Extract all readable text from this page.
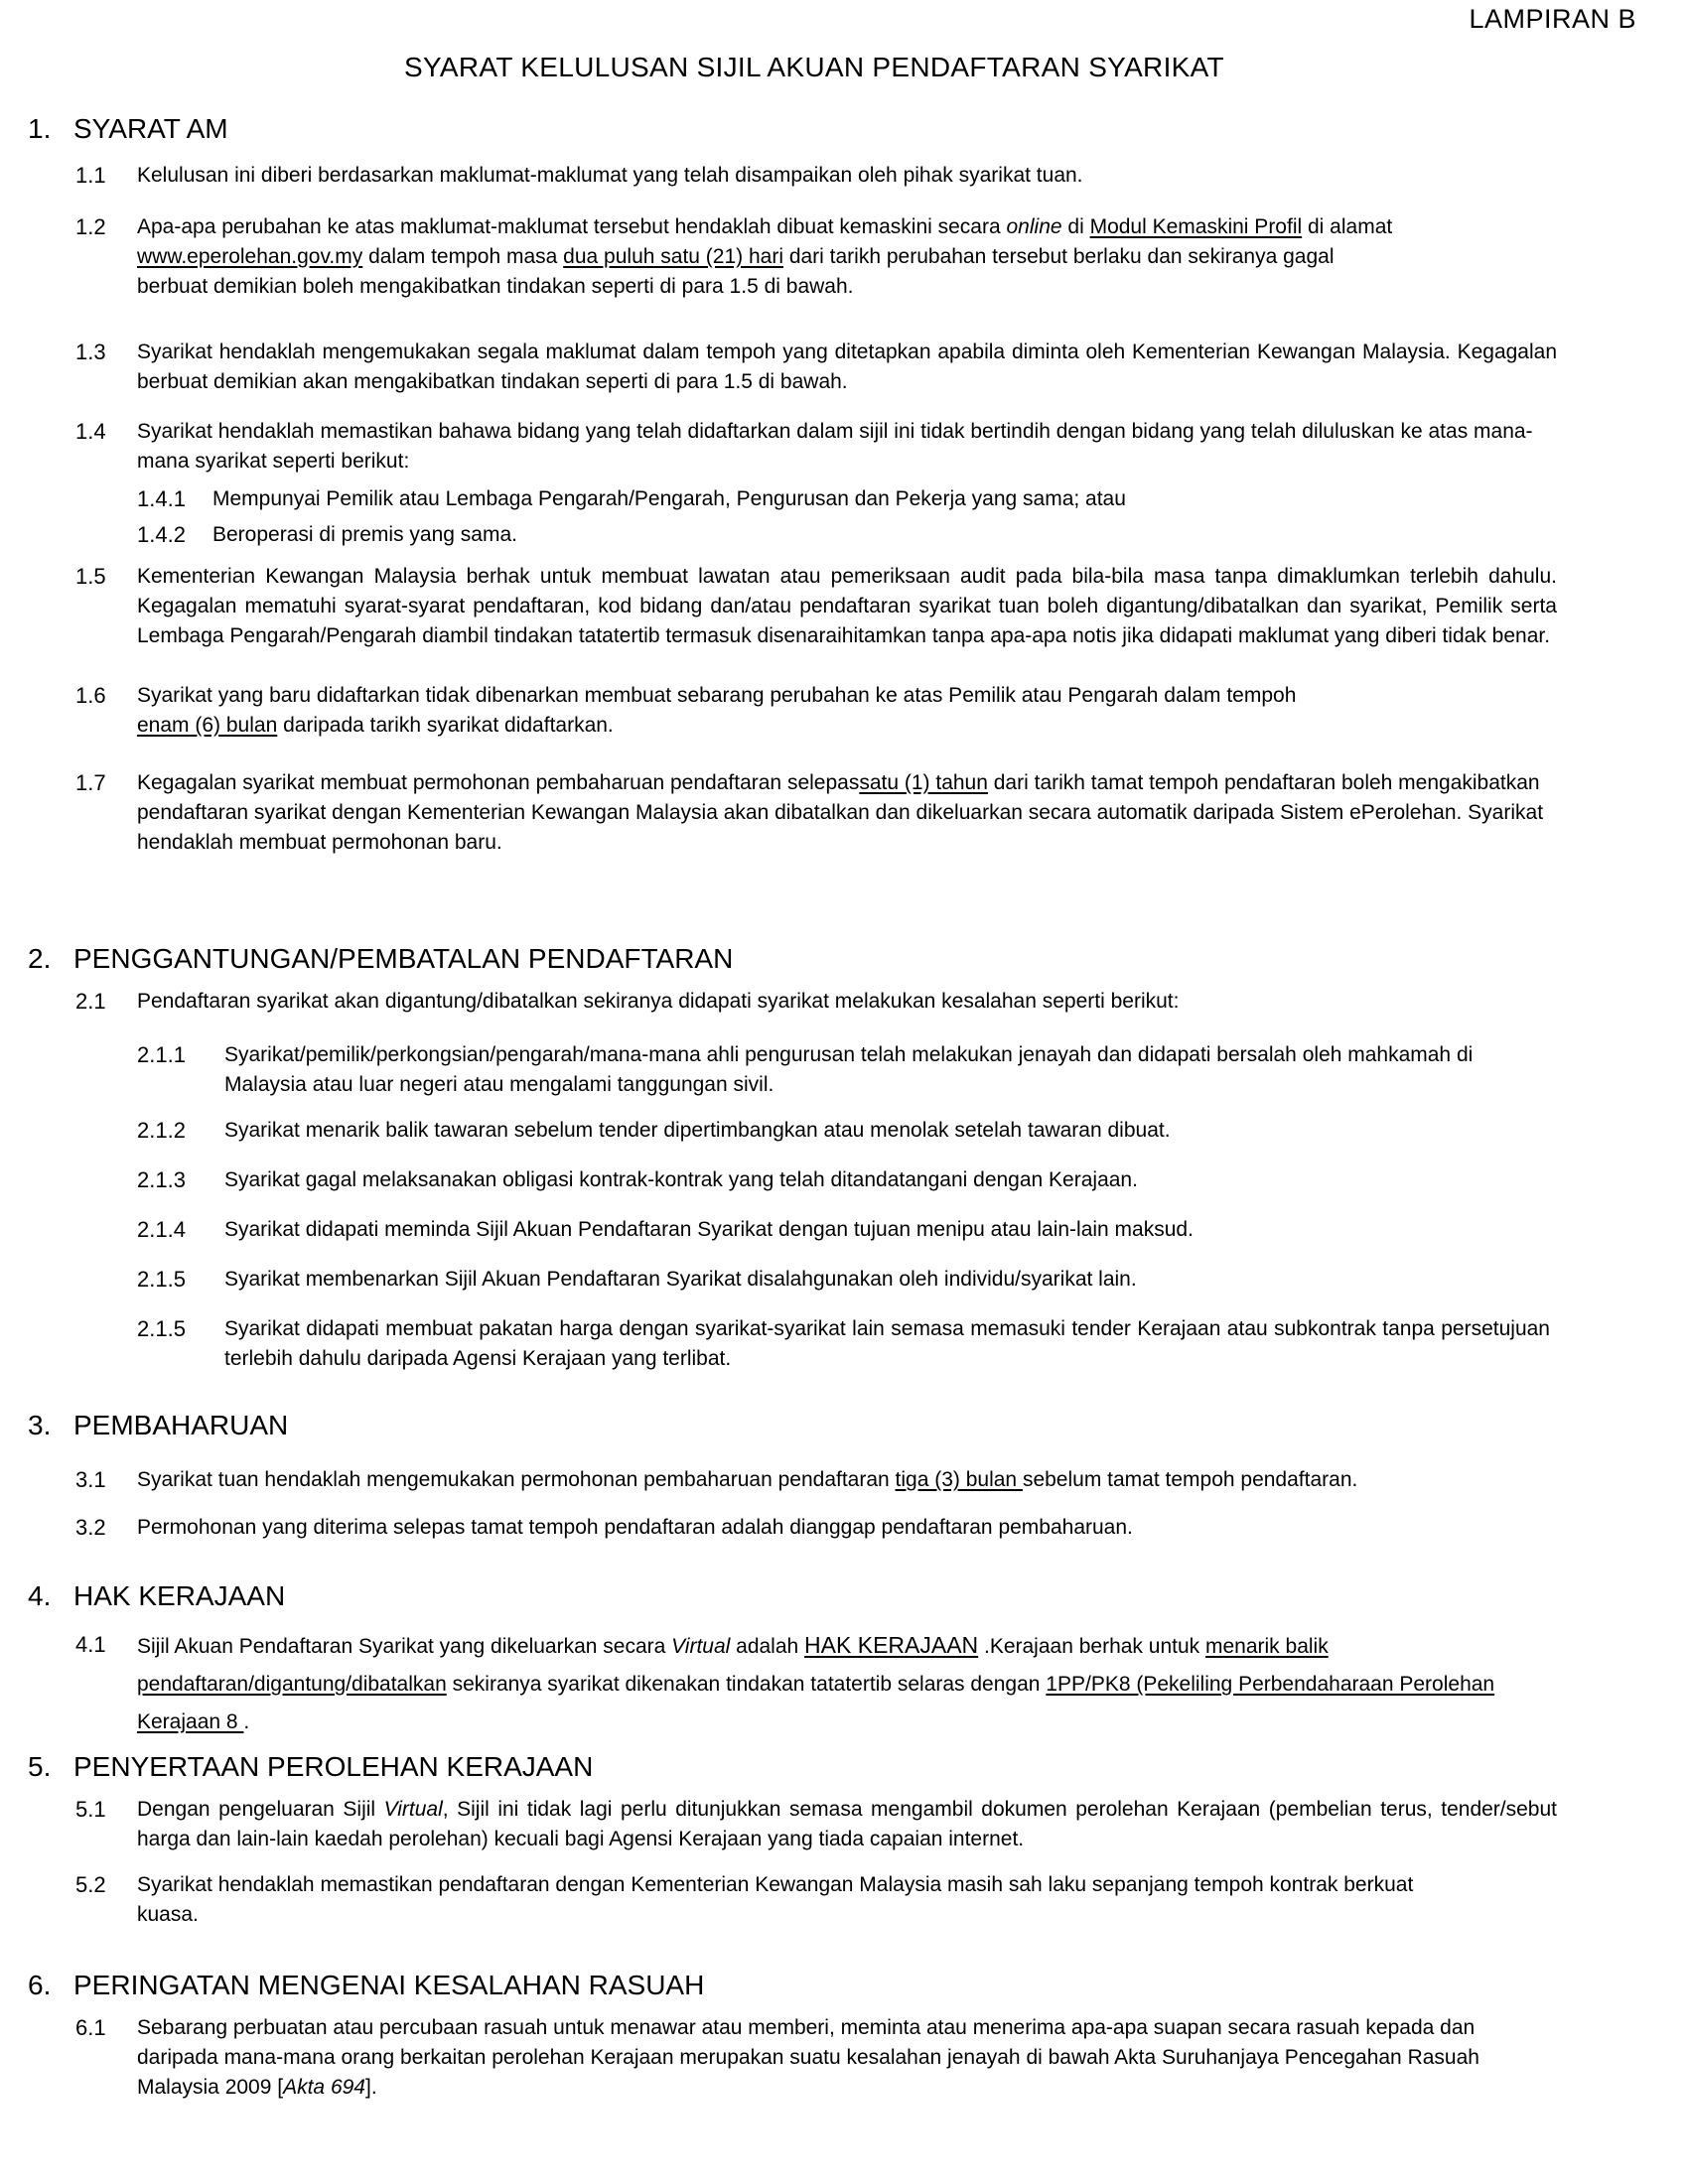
LAMPIRAN B
SYARAT KELULUSAN SIJIL AKUAN PENDAFTARAN SYARIKAT
1. SYARAT AM
1.1 Kelulusan ini diberi berdasarkan maklumat-maklumat yang telah disampaikan oleh pihak syarikat tuan.

1.2 Apa-apa perubahan ke atas maklumat-maklumat tersebut hendaklah dibuat kemaskini secara online di Modul Kemaskini Profil di alamat www.eperolehan.gov.my dalam tempoh masa dua puluh satu (21) hari dari tarikh perubahan tersebut berlaku dan sekiranya gagal berbuat demikian boleh mengakibatkan tindakan seperti di para 1.5 di bawah.

1.3 Syarikat hendaklah mengemukakan segala maklumat dalam tempoh yang ditetapkan apabila diminta oleh Kementerian Kewangan Malaysia. Kegagalan berbuat demikian akan mengakibatkan tindakan seperti di para 1.5 di bawah.

1.4 Syarikat hendaklah memastikan bahawa bidang yang telah didaftarkan dalam sijil ini tidak bertindih dengan bidang yang telah diluluskan ke atas mana-mana syarikat seperti berikut:

1.4.1 Mempunyai Pemilik atau Lembaga Pengarah/Pengarah, Pengurusan dan Pekerja yang sama; atau

1.4.2 Beroperasi di premis yang sama.

1.5 Kementerian Kewangan Malaysia berhak untuk membuat lawatan atau pemeriksaan audit pada bila-bila masa tanpa dimaklumkan terlebih dahulu. Kegagalan mematuhi syarat-syarat pendaftaran, kod bidang dan/atau pendaftaran syarikat tuan boleh digantung/dibatalkan dan syarikat, Pemilik serta Lembaga Pengarah/Pengarah diambil tindakan tatatertib termasuk disenaraihitamkan tanpa apa-apa notis jika didapati maklumat yang diberi tidak benar.

1.6 Syarikat yang baru didaftarkan tidak dibenarkan membuat sebarang perubahan ke atas Pemilik atau Pengarah dalam tempoh
enam (6) bulan daripada tarikh syarikat didaftarkan.

1.7 Kegagalan syarikat membuat permohonan pembaharuan pendaftaran selepassatu (1) tahun dari tarikh tamat tempoh pendaftaran boleh mengakibatkan pendaftaran syarikat dengan Kementerian Kewangan Malaysia akan dibatalkan dan dikeluarkan secara automatik daripada Sistem ePerolehan. Syarikat hendaklah membuat permohonan baru.

2. PENGGANTUNGAN/PEMBATALAN PENDAFTARAN
2.1 Pendaftaran syarikat akan digantung/dibatalkan sekiranya didapati syarikat melakukan kesalahan seperti berikut:

2.1.1 Syarikat/pemilik/perkongsian/pengarah/mana-mana ahli pengurusan telah melakukan jenayah dan didapati bersalah oleh mahkamah di Malaysia atau luar negeri atau mengalami tanggungan sivil.

2.1.2 Syarikat menarik balik tawaran sebelum tender dipertimbangkan atau menolak setelah tawaran dibuat.

2.1.3 Syarikat gagal melaksanakan obligasi kontrak-kontrak yang telah ditandatangani dengan Kerajaan.

2.1.4 Syarikat didapati meminda Sijil Akuan Pendaftaran Syarikat dengan tujuan menipu atau lain-lain maksud.

2.1.5 Syarikat membenarkan Sijil Akuan Pendaftaran Syarikat disalahgunakan oleh individu/syarikat lain.

2.1.5 Syarikat didapati membuat pakatan harga dengan syarikat-syarikat lain semasa memasuki tender Kerajaan atau subkontrak tanpa persetujuan terlebih dahulu daripada Agensi Kerajaan yang terlibat.

3. PEMBAHARUAN
3.1 Syarikat tuan hendaklah mengemukakan permohonan pembaharuan pendaftaran tiga (3) bulan sebelum tamat tempoh pendaftaran.

3.2 Permohonan yang diterima selepas tamat tempoh pendaftaran adalah dianggap pendaftaran pembaharuan.

4. HAK KERAJAAN
4.1 Sijil Akuan Pendaftaran Syarikat yang dikeluarkan secara Virtual adalah HAK KERAJAAN .Kerajaan berhak untuk menarik balik pendaftaran/digantung/dibatalkan sekiranya syarikat dikenakan tindakan tatatertib selaras dengan 1PP/PK8 (Pekeliling Perbendaharaan Perolehan Kerajaan 8 .

5. PENYERTAAN PEROLEHAN KERAJAAN
5.1 Dengan pengeluaran Sijil Virtual, Sijil ini tidak lagi perlu ditunjukkan semasa mengambil dokumen perolehan Kerajaan (pembelian terus, tender/sebut harga dan lain-lain kaedah perolehan) kecuali bagi Agensi Kerajaan yang tiada capaian internet.

5.2 Syarikat hendaklah memastikan pendaftaran dengan Kementerian Kewangan Malaysia masih sah laku sepanjang tempoh kontrak berkuat kuasa.

6. PERINGATAN MENGENAI KESALAHAN RASUAH
6.1 Sebarang perbuatan atau percubaan rasuah untuk menawar atau memberi, meminta atau menerima apa-apa suapan secara rasuah kepada dan daripada mana-mana orang berkaitan perolehan Kerajaan merupakan suatu kesalahan jenayah di bawah Akta Suruhanjaya Pencegahan Rasuah Malaysia 2009 [Akta 694].
